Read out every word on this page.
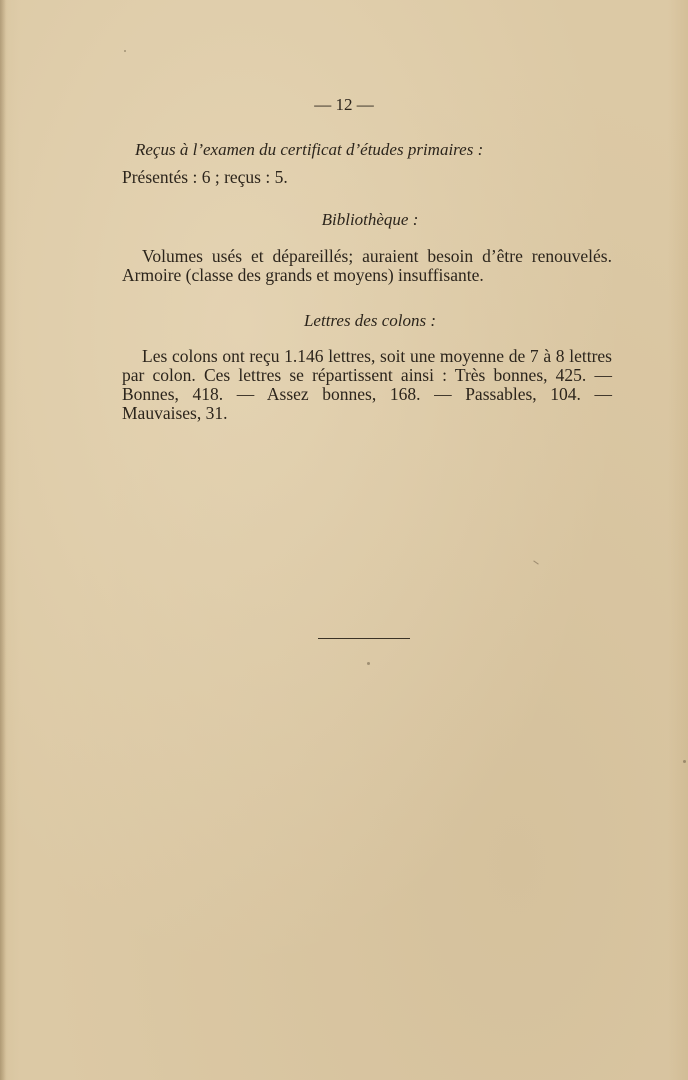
— 12 —
Reçus à l’examen du certificat d’études primaires :
Présentés : 6 ; reçus : 5.
Bibliothèque :
Volumes usés et dépareillés; auraient besoin d’être renouvelés. Armoire (classe des grands et moyens) insuffisante.
Lettres des colons :
Les colons ont reçu 1.146 lettres, soit une moyenne de 7 à 8 lettres par colon. Ces lettres se répartissent ainsi : Très bonnes, 425. — Bonnes, 418. — Assez bonnes, 168. — Passables, 104. — Mauvaises, 31.
